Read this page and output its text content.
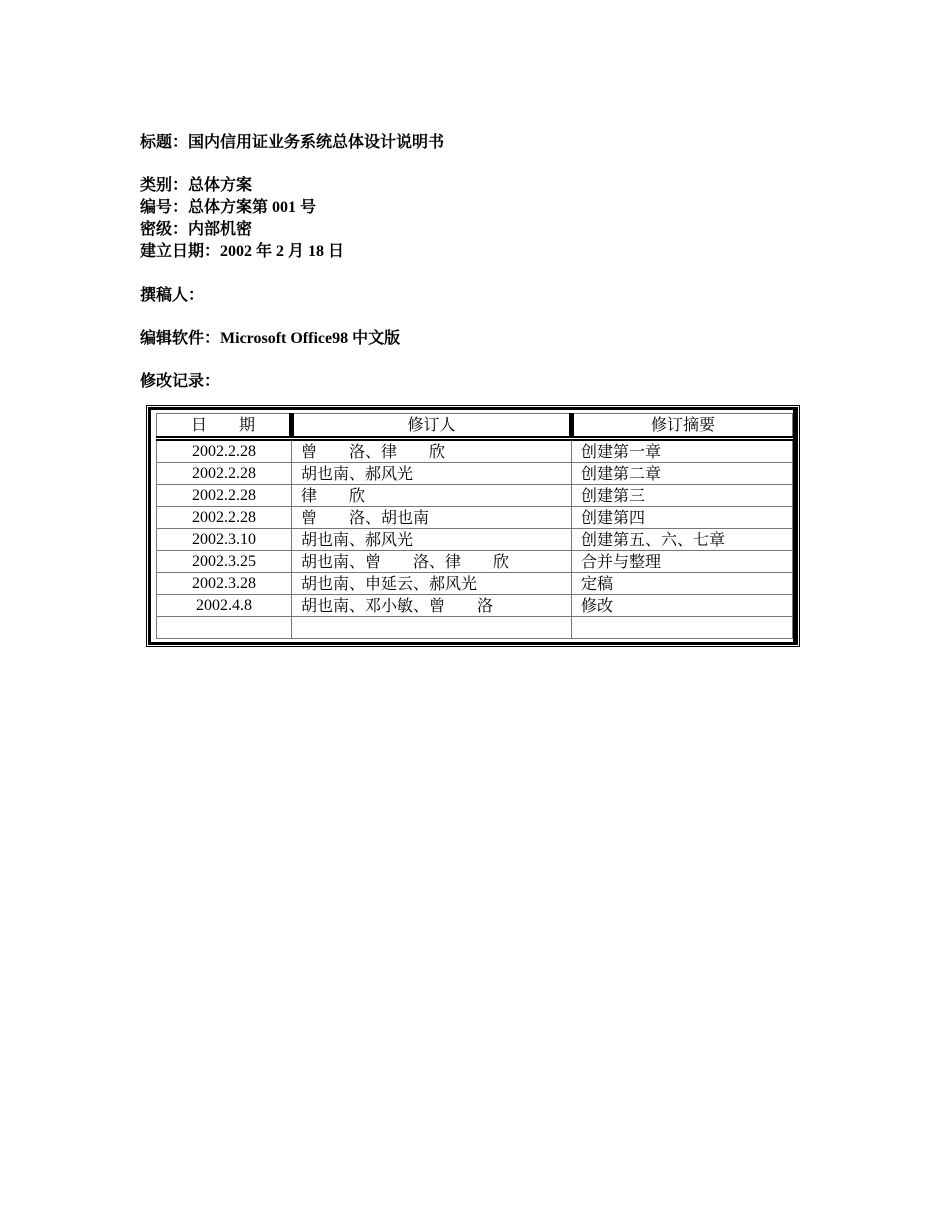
标题：国内信用证业务系统总体设计说明书
类别：总体方案
编号：总体方案第 001 号
密级：内部机密
建立日期：2002 年 2 月 18 日
撰稿人：
编辑软件：Microsoft Office98 中文版
修改记录：
日　　期	修订人	修订摘要
2002.2.28	曾　　洛、律　　欣	创建第一章
2002.2.28	胡也南、郝风光	创建第二章
2002.2.28	律　　欣	创建第三
2002.2.28	曾　　洛、胡也南	创建第四
2002.3.10	胡也南、郝风光	创建第五、六、七章
2002.3.25	胡也南、曾　　洛、律　　欣	合并与整理
2002.3.28	胡也南、申延云、郝风光	定稿
2002.4.8	胡也南、邓小敏、曾　　洛	修改
